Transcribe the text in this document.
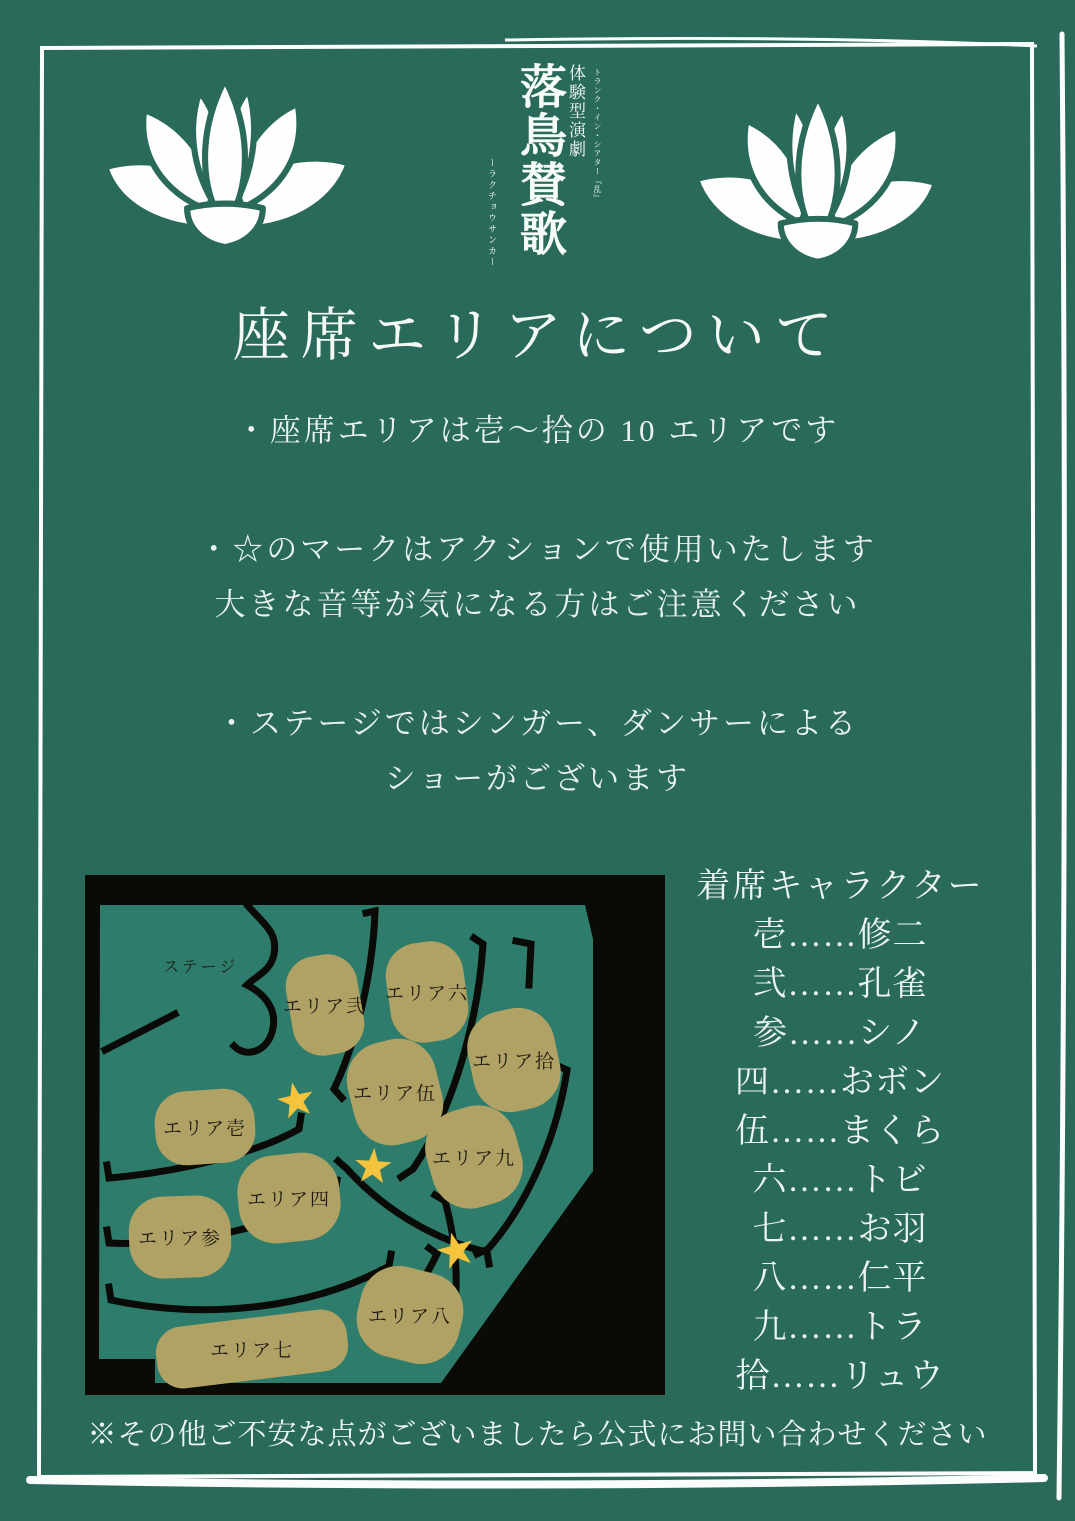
落鳥賛歌 体験型演劇	トランク・イン・シアター『乱』
ーラクチョウサンカー
座席エリアについて
・座席エリアは壱～拾の 10 エリアです
・☆のマークはアクションで使用いたします
大きな音等が気になる方はご注意ください
・ステージではシンガー、ダンサーによる
ショーがございます
ステージ
エリア壱
エリア弐
エリア参
エリア四
エリア伍
エリア六
エリア七
エリア八
エリア九
エリア拾
着席キャラクター
壱……修二
弐……孔雀
参……シノ
四……おボン
伍……まくら
六……トビ
七……お羽
八……仁平
九……トラ
拾……リュウ
※その他ご不安な点がございましたら公式にお問い合わせください
